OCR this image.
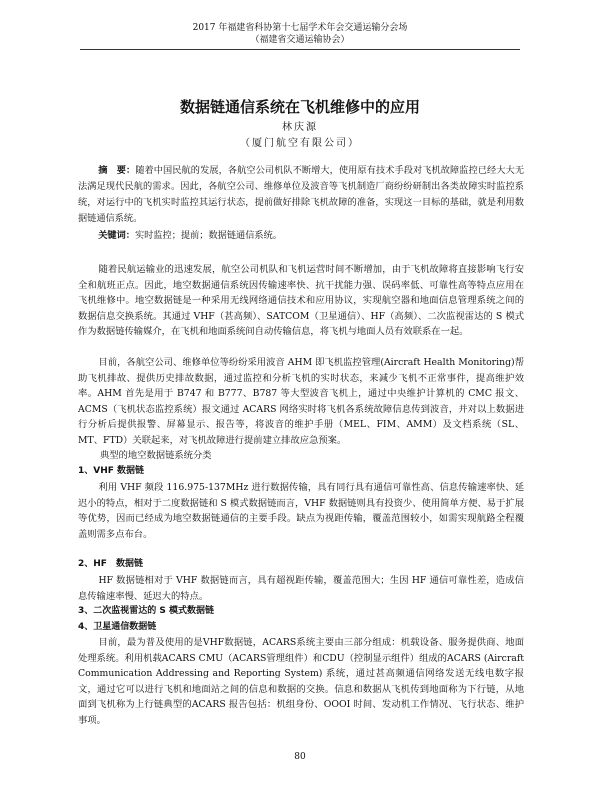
2017 年福建省科协第十七届学术年会交通运输分会场
（福建省交通运输协会）
数据链通信系统在飞机维修中的应用
林庆源
（厦门航空有限公司）
摘　要：随着中国民航的发展，各航空公司机队不断增大，使用原有技术手段对飞机故障监控已经大大无法满足现代民航的需求。因此，各航空公司、维修单位及波音等飞机制造厂商纷纷研制出各类故障实时监控系统，对运行中的飞机实时监控其运行状态，提前做好排除飞机故障的准备，实现这一目标的基础，就是利用数据链通信系统。
关键词：实时监控；提前；数据链通信系统。
随着民航运输业的迅速发展，航空公司机队和飞机运营时间不断增加，由于飞机故障将直接影响飞行安全和航班正点。因此，地空数据通信系统因传输速率快、抗干扰能力强、误码率低、可靠性高等特点应用在飞机维修中。地空数据链是一种采用无线网络通信技术和应用协议，实现航空器和地面信息管理系统之间的数据信息交换系统。其通过 VHF（甚高频）、SATCOM（卫星通信）、HF（高频）、二次监视雷达的 S 模式作为数据链传输媒介，在飞机和地面系统间自动传输信息，将飞机与地面人员有效联系在一起。
目前，各航空公司、维修单位等纷纷采用波音 AHM 即飞机监控管理(Aircraft Health Monitoring)帮助飞机排故、提供历史排故数据，通过监控和分析飞机的实时状态，来减少飞机不正常事件，提高维护效率。AHM 首先是用于 B747 和 B777、B787 等大型波音飞机上，通过中央维护计算机的 CMC 报文、ACMS（飞机状态监控系统）报文通过 ACARS 网络实时将飞机各系统故障信息传到波音，并对以上数据进行分析后提供报警、屏幕显示、报告等，将波音的维护手册（MEL、FIM、AMM）及文档系统（SL、MT、FTD）关联起来，对飞机故障进行提前建立排故应急预案。
典型的地空数据链系统分类
1、VHF 数据链
利用 VHF 频段 116.975-137MHz 进行数据传输，具有同行具有通信可靠性高、信息传输速率快、延迟小的特点，相对于二度数据链和 S 模式数据链而言，VHF 数据链则具有投资少、使用简单方便、易于扩展等优势，因而已经成为地空数据链通信的主要手段。缺点为视距传输，覆盖范围较小，如需实现航路全程覆盖则需多点布台。
2、HF　数据链
HF 数据链相对于 VHF 数据链而言，具有超视距传输，覆盖范围大；生因 HF 通信可靠性差，造成信息传输速率慢、延迟大的特点。
3、二次监视雷达的 S 模式数据链
4、卫星通信数据链
目前，最为普及使用的是VHF数据链，ACARS系统主要由三部分组成：机载设备、服务提供商、地面处理系统。利用机载ACARS CMU（ACARS管理组件）和CDU（控制显示组件）组成的ACARS (Aircraft Communication Addressing and Reporting System) 系统，通过甚高频通信网络发送无线电数字报文，通过它可以进行飞机和地面站之间的信息和数据的交换。信息和数据从飞机传到地面称为下行链，从地面到飞机称为上行链典型的ACARS 报告包括：机组身份、OOOI 时间、发动机工作情况、飞行状态、维护事项。
80
